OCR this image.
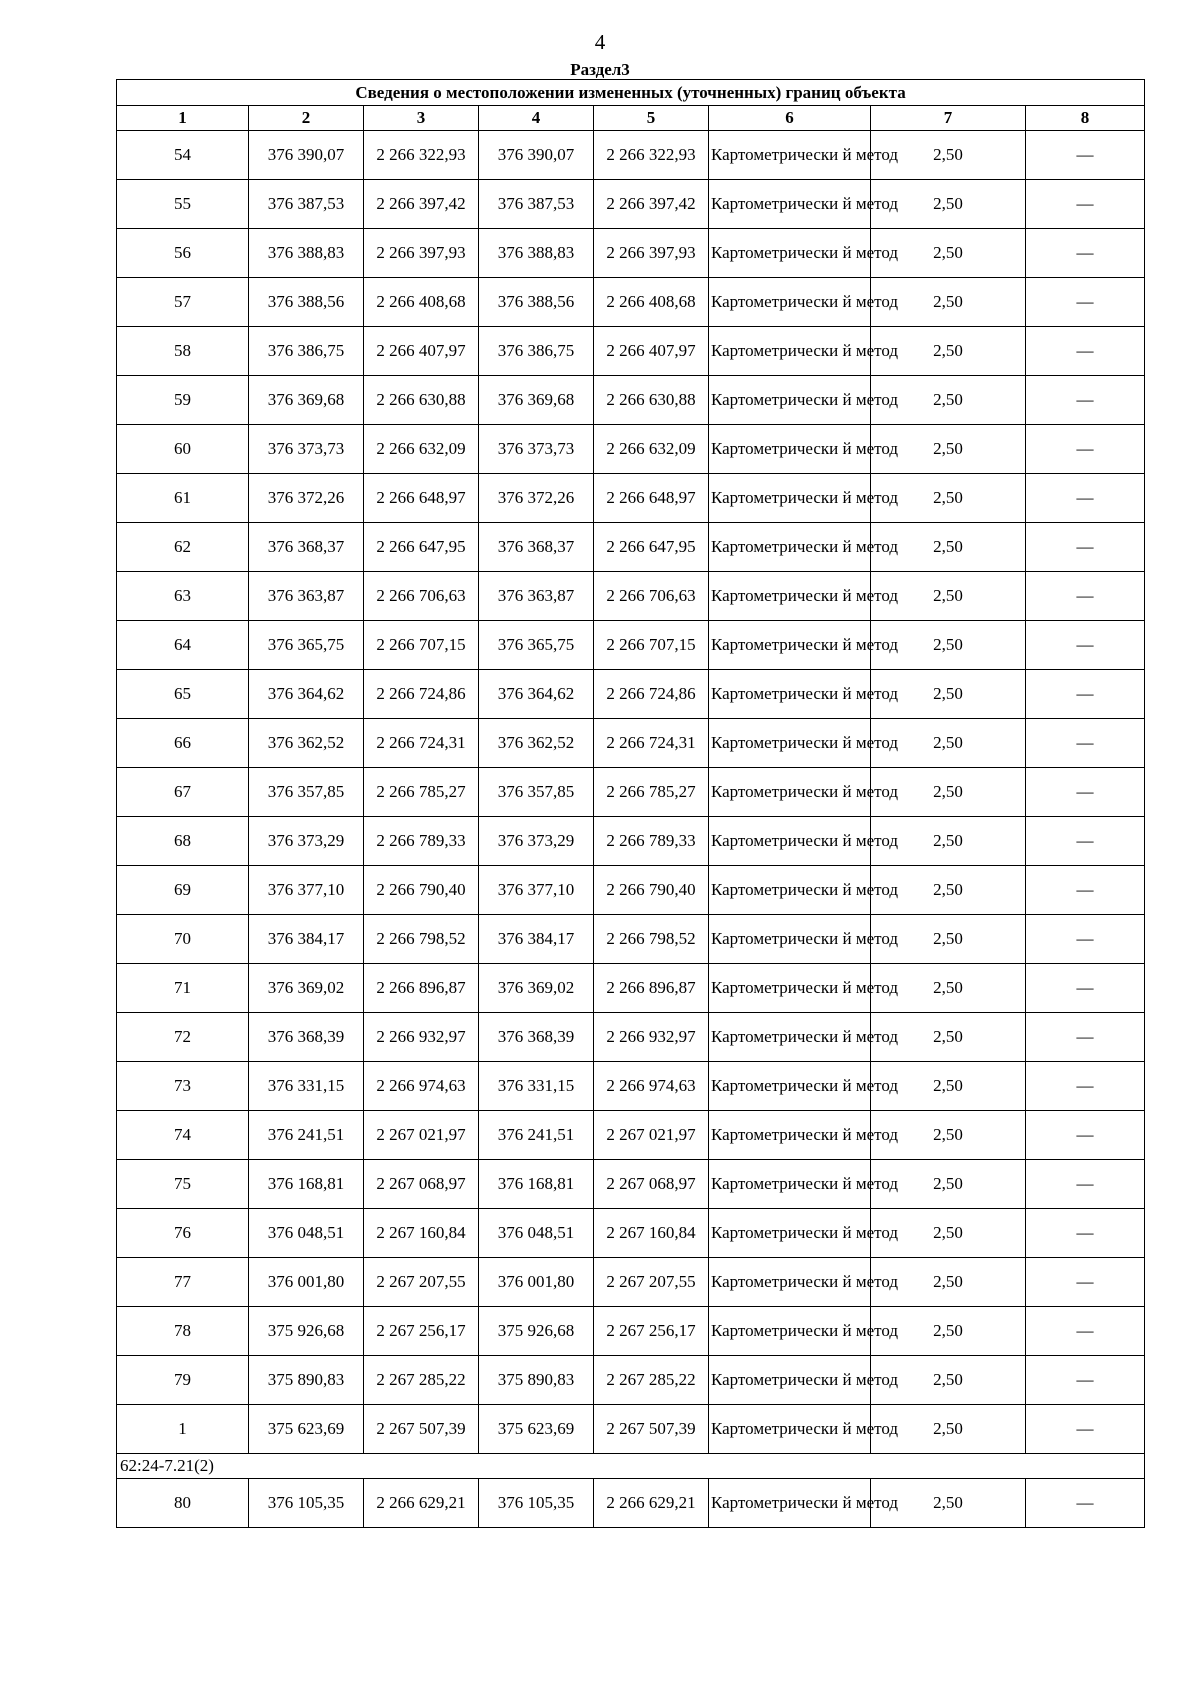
4
Раздел3
Сведения о местоположении измененных (уточненных) границ объекта							
1	2	3	4	5	6	7	8
54	376 390,07	2 266 322,93	376 390,07	2 266 322,93	Картометрически й метод	2,50	—
55	376 387,53	2 266 397,42	376 387,53	2 266 397,42	Картометрически й метод	2,50	—
56	376 388,83	2 266 397,93	376 388,83	2 266 397,93	Картометрически й метод	2,50	—
57	376 388,56	2 266 408,68	376 388,56	2 266 408,68	Картометрически й метод	2,50	—
58	376 386,75	2 266 407,97	376 386,75	2 266 407,97	Картометрически й метод	2,50	—
59	376 369,68	2 266 630,88	376 369,68	2 266 630,88	Картометрически й метод	2,50	—
60	376 373,73	2 266 632,09	376 373,73	2 266 632,09	Картометрически й метод	2,50	—
61	376 372,26	2 266 648,97	376 372,26	2 266 648,97	Картометрически й метод	2,50	—
62	376 368,37	2 266 647,95	376 368,37	2 266 647,95	Картометрически й метод	2,50	—
63	376 363,87	2 266 706,63	376 363,87	2 266 706,63	Картометрически й метод	2,50	—
64	376 365,75	2 266 707,15	376 365,75	2 266 707,15	Картометрически й метод	2,50	—
65	376 364,62	2 266 724,86	376 364,62	2 266 724,86	Картометрически й метод	2,50	—
66	376 362,52	2 266 724,31	376 362,52	2 266 724,31	Картометрически й метод	2,50	—
67	376 357,85	2 266 785,27	376 357,85	2 266 785,27	Картометрически й метод	2,50	—
68	376 373,29	2 266 789,33	376 373,29	2 266 789,33	Картометрически й метод	2,50	—
69	376 377,10	2 266 790,40	376 377,10	2 266 790,40	Картометрически й метод	2,50	—
70	376 384,17	2 266 798,52	376 384,17	2 266 798,52	Картометрически й метод	2,50	—
71	376 369,02	2 266 896,87	376 369,02	2 266 896,87	Картометрически й метод	2,50	—
72	376 368,39	2 266 932,97	376 368,39	2 266 932,97	Картометрически й метод	2,50	—
73	376 331,15	2 266 974,63	376 331,15	2 266 974,63	Картометрически й метод	2,50	—
74	376 241,51	2 267 021,97	376 241,51	2 267 021,97	Картометрически й метод	2,50	—
75	376 168,81	2 267 068,97	376 168,81	2 267 068,97	Картометрически й метод	2,50	—
76	376 048,51	2 267 160,84	376 048,51	2 267 160,84	Картометрически й метод	2,50	—
77	376 001,80	2 267 207,55	376 001,80	2 267 207,55	Картометрически й метод	2,50	—
78	375 926,68	2 267 256,17	375 926,68	2 267 256,17	Картометрически й метод	2,50	—
79	375 890,83	2 267 285,22	375 890,83	2 267 285,22	Картометрически й метод	2,50	—
1	375 623,69	2 267 507,39	375 623,69	2 267 507,39	Картометрически й метод	2,50	—
62:24-7.21(2)							
80	376 105,35	2 266 629,21	376 105,35	2 266 629,21	Картометрически й метод	2,50	—
